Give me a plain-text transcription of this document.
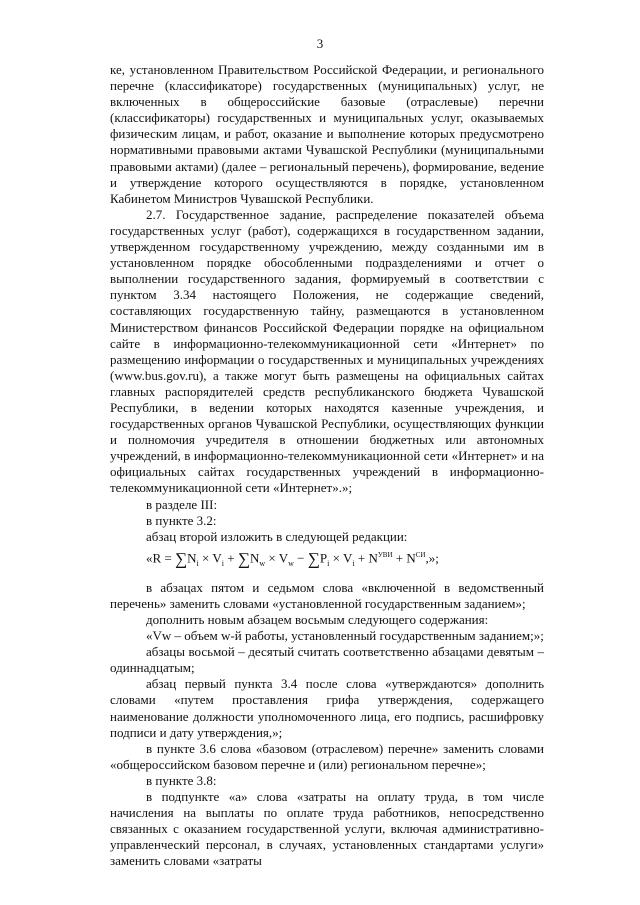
3

ке, установленном Правительством Российской Федерации, и регионального перечне (классификаторе) государственных (муниципальных) услуг, не включенных в общероссийские базовые (отраслевые) перечни (классификаторы) государственных и муниципальных услуг, оказываемых физическим лицам, и работ, оказание и выполнение которых предусмотрено нормативными правовыми актами Чувашской Республики (муниципальными правовыми актами) (далее – региональный перечень), формирование, ведение и утверждение которого осуществляются в порядке, установленном Кабинетом Министров Чувашской Республики.

2.7. Государственное задание, распределение показателей объема государственных услуг (работ), содержащихся в государственном задании, утвержденном государственному учреждению, между созданными им в установленном порядке обособленными подразделениями и отчет о выполнении государственного задания, формируемый в соответствии с пунктом 3.34 настоящего Положения, не содержащие сведений, составляющих государственную тайну, размещаются в установленном Министерством финансов Российской Федерации порядке на официальном сайте в информационно-телекоммуникационной сети «Интернет» по размещению информации о государственных и муниципальных учреждениях (www.bus.gov.ru), а также могут быть размещены на официальных сайтах главных распорядителей средств республиканского бюджета Чувашской Республики, в ведении которых находятся казенные учреждения, и государственных органов Чувашской Республики, осуществляющих функции и полномочия учредителя в отношении бюджетных или автономных учреждений, в информационно-телекоммуникационной сети «Интернет» и на официальных сайтах государственных учреждений в информационно-телекоммуникационной сети «Интернет».»;

в разделе III:

в пункте 3.2:

абзац второй изложить в следующей редакции:

«$R = \sum N_i \times V_i + \sum N_w \times V_w - \sum P_i \times V_i + N^{УВИ} + N^{СИ}$,»;

в абзацах пятом и седьмом слова «включенной в ведомственный перечень» заменить словами «установленной государственным заданием»;

дополнить новым абзацем восьмым следующего содержания:

«Vw – объем w-й работы, установленный государственным заданием;»;

абзацы восьмой – десятый считать соответственно абзацами девятым – одиннадцатым;

абзац первый пункта 3.4 после слова «утверждаются» дополнить словами «путем проставления грифа утверждения, содержащего наименование должности уполномоченного лица, его подпись, расшифровку подписи и дату утверждения,»;

в пункте 3.6 слова «базовом (отраслевом) перечне» заменить словами «общероссийском базовом перечне и (или) региональном перечне»;

в пункте 3.8:

в подпункте «а» слова «затраты на оплату труда, в том числе начисления на выплаты по оплате труда работников, непосредственно связанных с оказанием государственной услуги, включая административно-управленческий персонал, в случаях, установленных стандартами услуги» заменить словами «затраты
